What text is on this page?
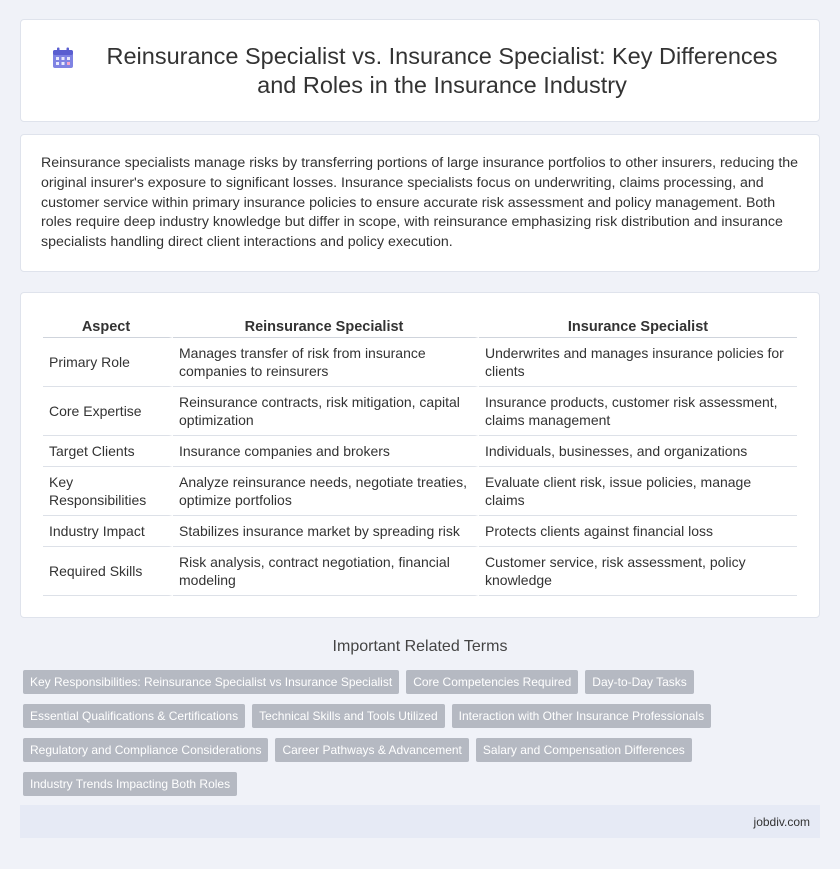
Reinsurance Specialist vs. Insurance Specialist: Key Differences and Roles in the Insurance Industry

Reinsurance specialists manage risks by transferring portions of large insurance portfolios to other insurers, reducing the original insurer's exposure to significant losses. Insurance specialists focus on underwriting, claims processing, and customer service within primary insurance policies to ensure accurate risk assessment and policy management. Both roles require deep industry knowledge but differ in scope, with reinsurance emphasizing risk distribution and insurance specialists handling direct client interactions and policy execution.

Aspect	Reinsurance Specialist	Insurance Specialist
Primary Role	Manages transfer of risk from insurance companies to reinsurers	Underwrites and manages insurance policies for clients
Core Expertise	Reinsurance contracts, risk mitigation, capital optimization	Insurance products, customer risk assessment, claims management
Target Clients	Insurance companies and brokers	Individuals, businesses, and organizations
Key Responsibilities	Analyze reinsurance needs, negotiate treaties, optimize portfolios	Evaluate client risk, issue policies, manage claims
Industry Impact	Stabilizes insurance market by spreading risk	Protects clients against financial loss
Required Skills	Risk analysis, contract negotiation, financial modeling	Customer service, risk assessment, policy knowledge
Important Related Terms
Key Responsibilities: Reinsurance Specialist vs Insurance Specialist	Core Competencies Required	Day-to-Day Tasks
Essential Qualifications & Certifications	Technical Skills and Tools Utilized	Interaction with Other Insurance Professionals
Regulatory and Compliance Considerations	Career Pathways & Advancement	Salary and Compensation Differences
Industry Trends Impacting Both Roles
jobdiv.com
